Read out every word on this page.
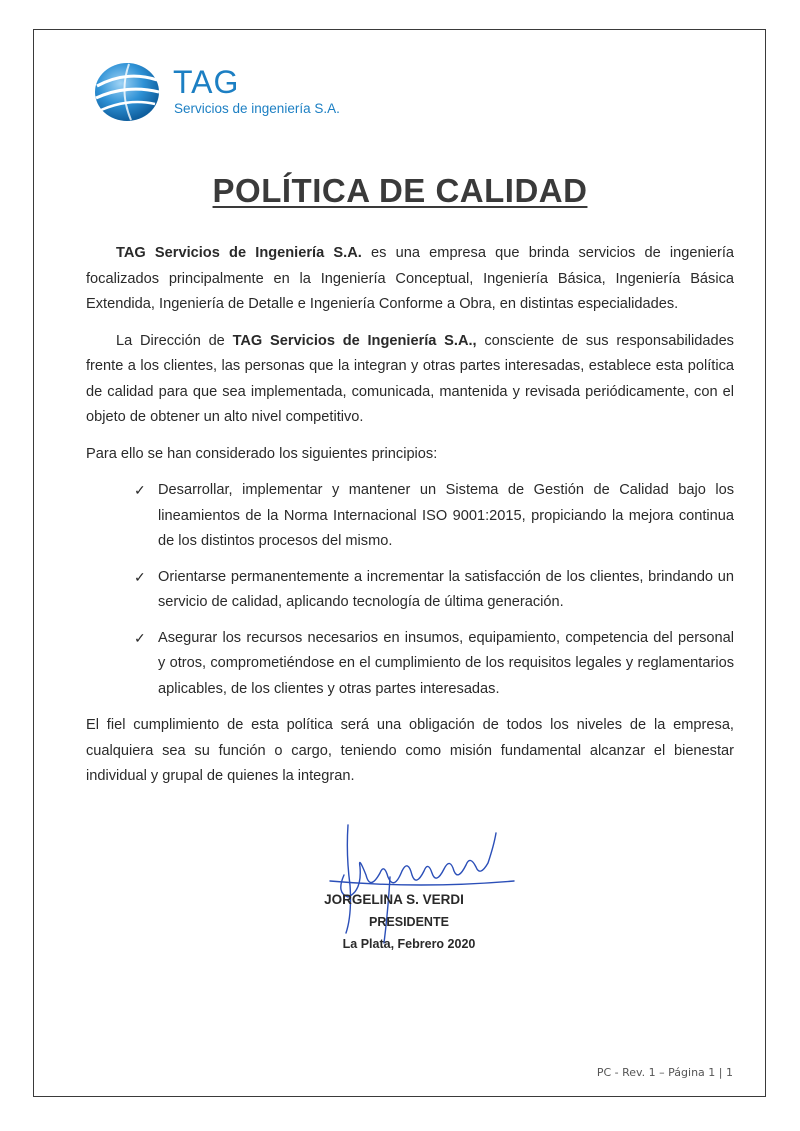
TAG
Servicios de ingeniería S.A.
POLÍTICA DE CALIDAD

TAG Servicios de Ingeniería S.A. es una empresa que brinda servicios de ingeniería focalizados principalmente en la Ingeniería Conceptual, Ingeniería Básica, Ingeniería Básica Extendida, Ingeniería de Detalle e Ingeniería Conforme a Obra, en distintas especialidades.

La Dirección de TAG Servicios de Ingeniería S.A., consciente de sus responsabilidades frente a los clientes, las personas que la integran y otras partes interesadas, establece esta política de calidad para que sea implementada, comunicada, mantenida y revisada periódicamente, con el objeto de obtener un alto nivel competitivo.

Para ello se han considerado los siguientes principios:

✓ Desarrollar, implementar y mantener un Sistema de Gestión de Calidad bajo los lineamientos de la Norma Internacional ISO 9001:2015, propiciando la mejora continua de los distintos procesos del mismo.
✓ Orientarse permanentemente a incrementar la satisfacción de los clientes, brindando un servicio de calidad, aplicando tecnología de última generación.
✓ Asegurar los recursos necesarios en insumos, equipamiento, competencia del personal y otros, comprometiéndose en el cumplimiento de los requisitos legales y reglamentarios aplicables, de los clientes y otras partes interesadas.

El fiel cumplimiento de esta política será una obligación de todos los niveles de la empresa, cualquiera sea su función o cargo, teniendo como misión fundamental alcanzar el bienestar individual y grupal de quienes la integran.

JORGELINA S. VERDI
PRESIDENTE
La Plata, Febrero 2020
PC - Rev. 1 – Página 1 | 1
